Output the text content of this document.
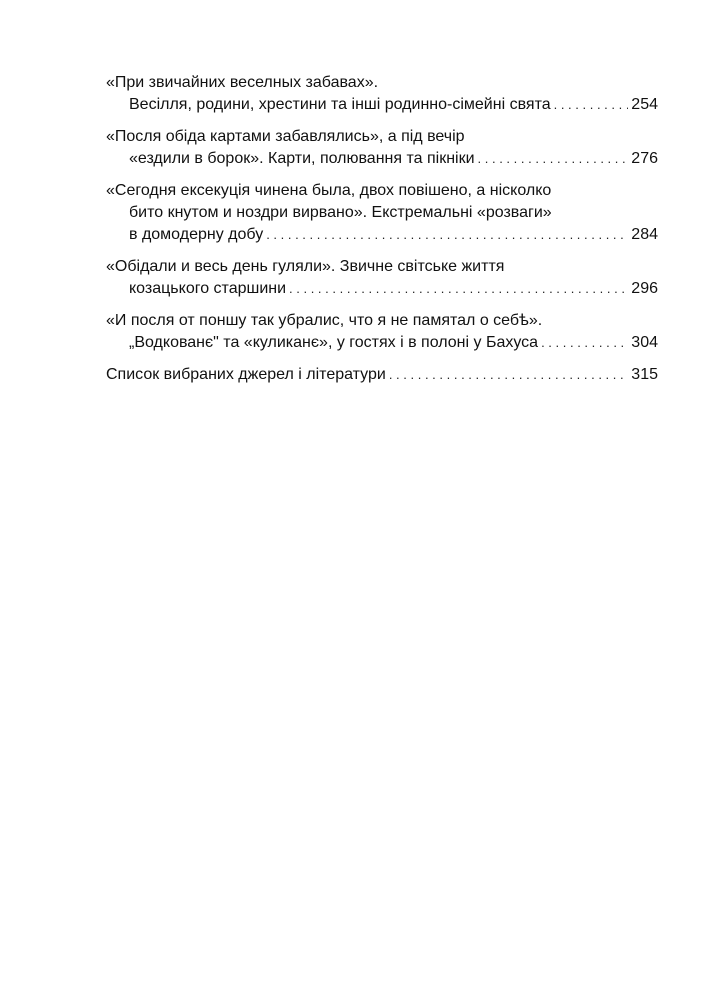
«При звичайних веселных забавах».
Весілля, родини, хрестини та інші родинно-сімейні свята . . .	254
«Посля обіда картами забавлялись», а під вечір
«ездили в борок». Карти, полювання та пікніки . . .	276
«Сегодня ексекуція чинена была, двох повішено, а нісколко
бито кнутом и ноздри вирвано». Екстремальні «розваги»
в домодерну добу . . .	284
«Обідали и весь день гуляли». Звичне світське життя
козацького старшини . . .	296
«И посля от поншу так убралис, что я не памятал о себѣ».
„Водкованє" та «куликанє», у гостях і в полоні у Бахуса . . .	304
Список вибраних джерел і літератури . . .	315
